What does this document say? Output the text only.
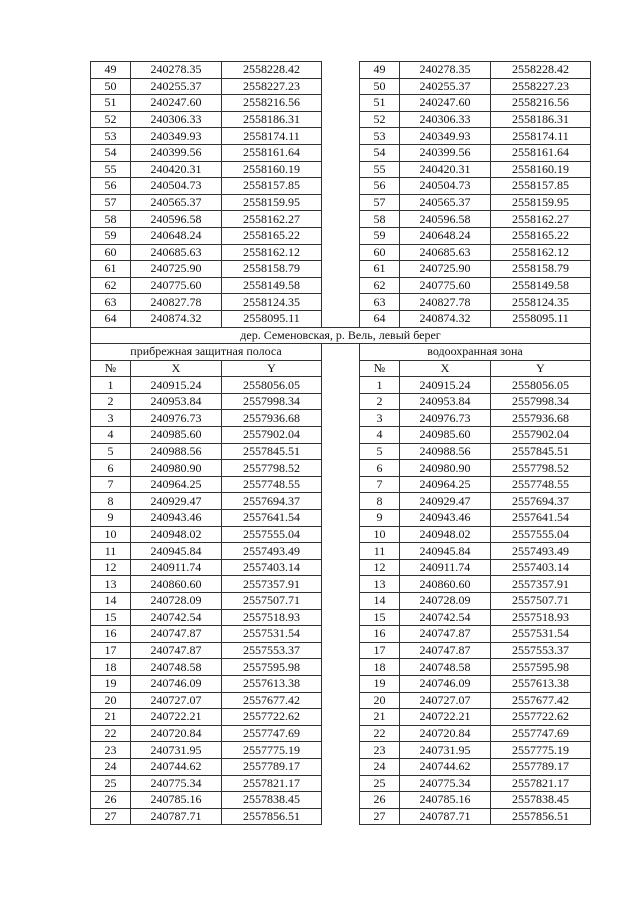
49	240278.35	2558228.42		49	240278.35	2558228.42
50	240255.37	2558227.23		50	240255.37	2558227.23
51	240247.60	2558216.56		51	240247.60	2558216.56
52	240306.33	2558186.31		52	240306.33	2558186.31
53	240349.93	2558174.11		53	240349.93	2558174.11
54	240399.56	2558161.64		54	240399.56	2558161.64
55	240420.31	2558160.19		55	240420.31	2558160.19
56	240504.73	2558157.85		56	240504.73	2558157.85
57	240565.37	2558159.95		57	240565.37	2558159.95
58	240596.58	2558162.27		58	240596.58	2558162.27
59	240648.24	2558165.22		59	240648.24	2558165.22
60	240685.63	2558162.12		60	240685.63	2558162.12
61	240725.90	2558158.79		61	240725.90	2558158.79
62	240775.60	2558149.58		62	240775.60	2558149.58
63	240827.78	2558124.35		63	240827.78	2558124.35
64	240874.32	2558095.11		64	240874.32	2558095.11
дер. Семеновская, р. Вель, левый берег						
прибрежная защитная полоса				водоохранная зона		
№	X	Y		№	X	Y
1	240915.24	2558056.05		1	240915.24	2558056.05
2	240953.84	2557998.34		2	240953.84	2557998.34
3	240976.73	2557936.68		3	240976.73	2557936.68
4	240985.60	2557902.04		4	240985.60	2557902.04
5	240988.56	2557845.51		5	240988.56	2557845.51
6	240980.90	2557798.52		6	240980.90	2557798.52
7	240964.25	2557748.55		7	240964.25	2557748.55
8	240929.47	2557694.37		8	240929.47	2557694.37
9	240943.46	2557641.54		9	240943.46	2557641.54
10	240948.02	2557555.04		10	240948.02	2557555.04
11	240945.84	2557493.49		11	240945.84	2557493.49
12	240911.74	2557403.14		12	240911.74	2557403.14
13	240860.60	2557357.91		13	240860.60	2557357.91
14	240728.09	2557507.71		14	240728.09	2557507.71
15	240742.54	2557518.93		15	240742.54	2557518.93
16	240747.87	2557531.54		16	240747.87	2557531.54
17	240747.87	2557553.37		17	240747.87	2557553.37
18	240748.58	2557595.98		18	240748.58	2557595.98
19	240746.09	2557613.38		19	240746.09	2557613.38
20	240727.07	2557677.42		20	240727.07	2557677.42
21	240722.21	2557722.62		21	240722.21	2557722.62
22	240720.84	2557747.69		22	240720.84	2557747.69
23	240731.95	2557775.19		23	240731.95	2557775.19
24	240744.62	2557789.17		24	240744.62	2557789.17
25	240775.34	2557821.17		25	240775.34	2557821.17
26	240785.16	2557838.45		26	240785.16	2557838.45
27	240787.71	2557856.51		27	240787.71	2557856.51
